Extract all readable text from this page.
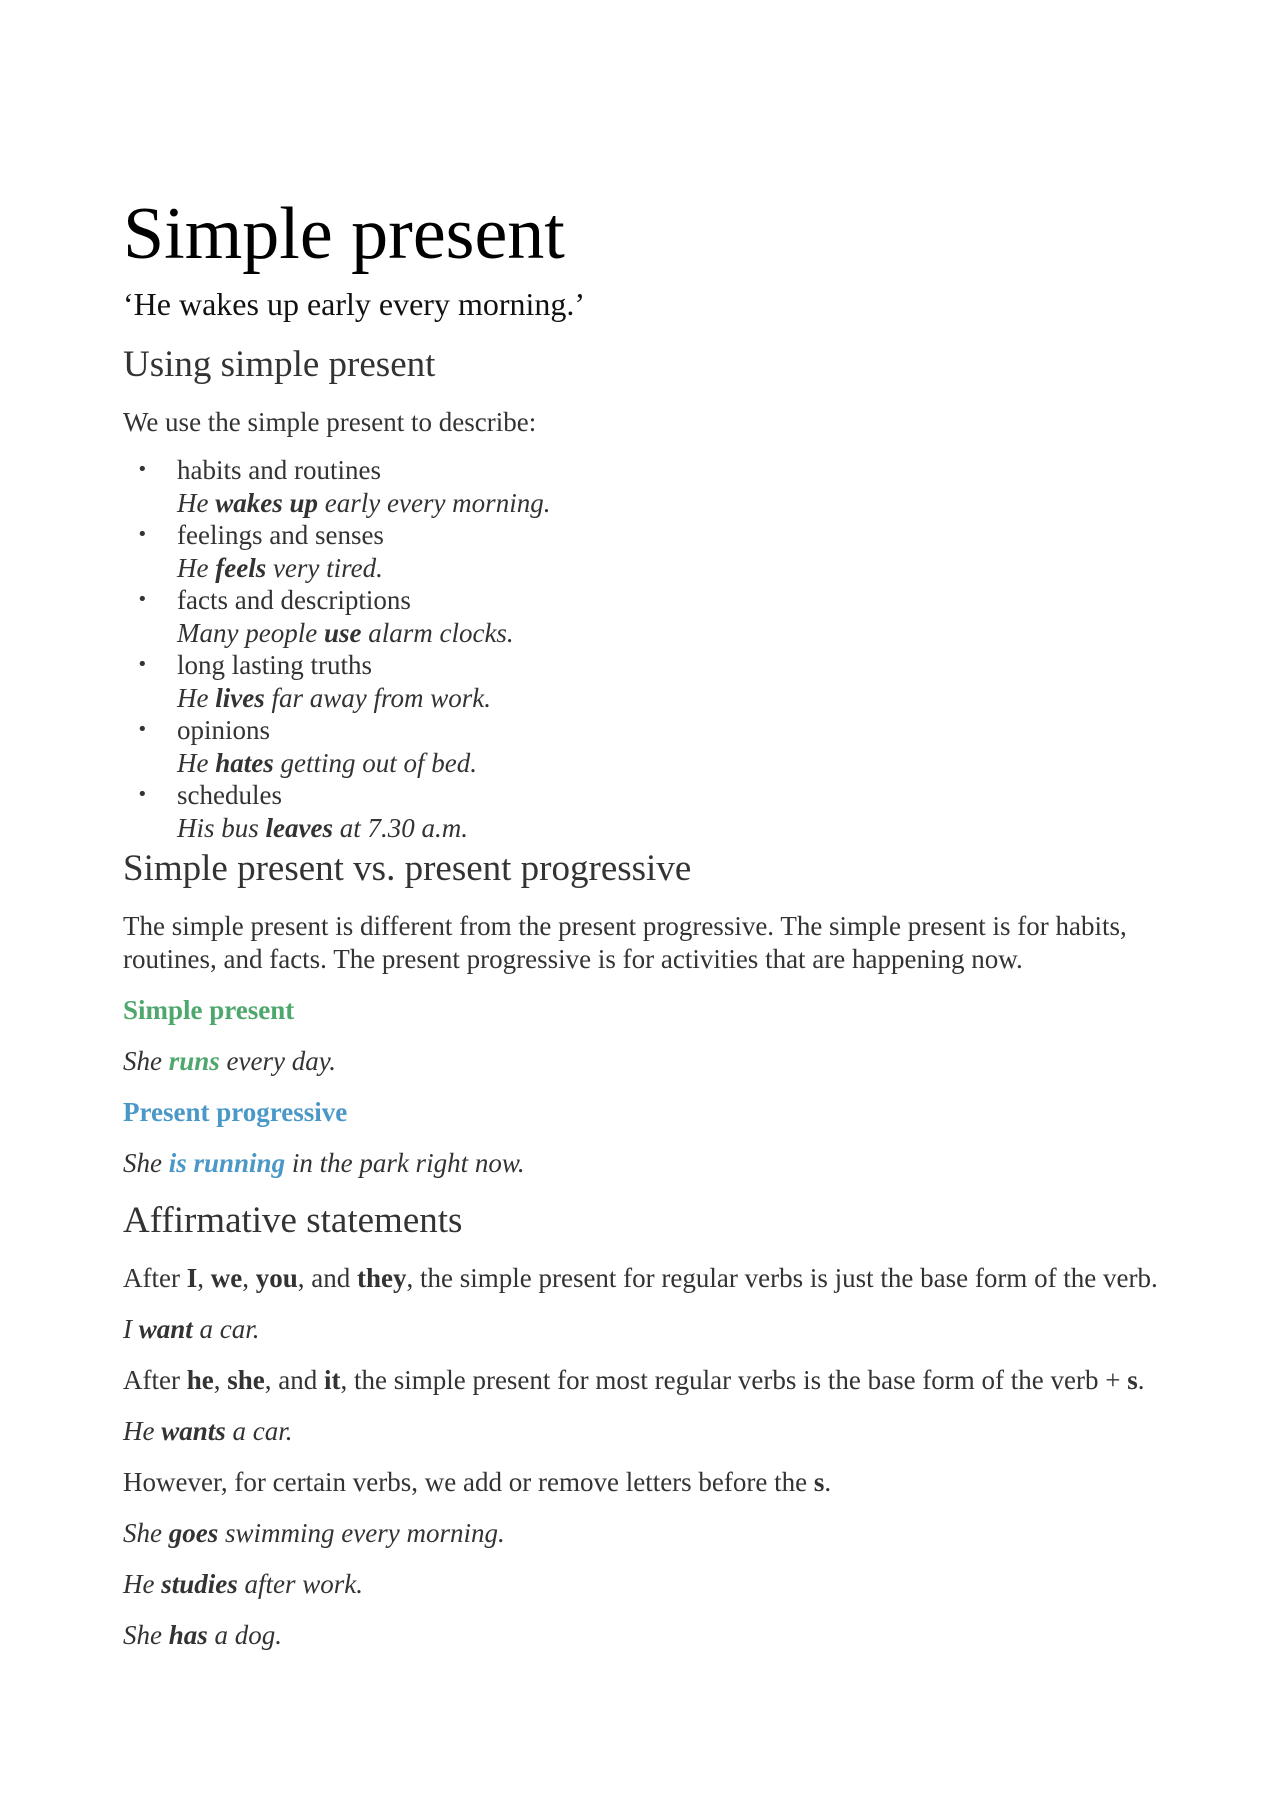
Simple present
‘He wakes up early every morning.’
Using simple present
We use the simple present to describe:
• habits and routines
He wakes up early every morning.
• feelings and senses
He feels very tired.
• facts and descriptions
Many people use alarm clocks.
• long lasting truths
He lives far away from work.
• opinions
He hates getting out of bed.
• schedules
His bus leaves at 7.30 a.m.
Simple present vs. present progressive
The simple present is different from the present progressive. The simple present is for habits, routines, and facts. The present progressive is for activities that are happening now.
Simple present
She runs every day.
Present progressive
She is running in the park right now.
Affirmative statements
After I, we, you, and they, the simple present for regular verbs is just the base form of the verb.
I want a car.
After he, she, and it, the simple present for most regular verbs is the base form of the verb + s.
He wants a car.
However, for certain verbs, we add or remove letters before the s.
She goes swimming every morning.
He studies after work.
She has a dog.
